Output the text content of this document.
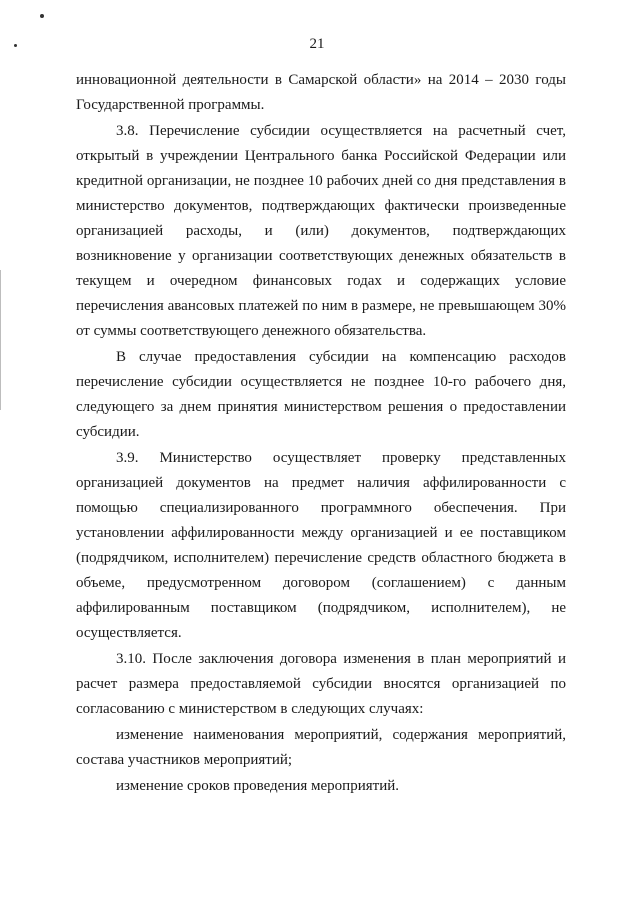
21

инновационной деятельности в Самарской области» на 2014 – 2030 годы Государственной программы.

3.8. Перечисление субсидии осуществляется на расчетный счет, открытый в учреждении Центрального банка Российской Федерации или кредитной организации, не позднее 10 рабочих дней со дня представления в министерство документов, подтверждающих фактически произведенные организацией расходы, и (или) документов, подтверждающих возникновение у организации соответствующих денежных обязательств в текущем и очередном финансовых годах и содержащих условие перечисления авансовых платежей по ним в размере, не превышающем 30% от суммы соответствующего денежного обязательства.

В случае предоставления субсидии на компенсацию расходов перечисление субсидии осуществляется не позднее 10-го рабочего дня, следующего за днем принятия министерством решения о предоставлении субсидии.

3.9. Министерство осуществляет проверку представленных организацией документов на предмет наличия аффилированности с помощью специализированного программного обеспечения. При установлении аффилированности между организацией и ее поставщиком (подрядчиком, исполнителем) перечисление средств областного бюджета в объеме, предусмотренном договором (соглашением) с данным аффилированным поставщиком (подрядчиком, исполнителем), не осуществляется.

3.10. После заключения договора изменения в план мероприятий и расчет размера предоставляемой субсидии вносятся организацией по согласованию с министерством в следующих случаях:

изменение наименования мероприятий, содержания мероприятий, состава участников мероприятий;

изменение сроков проведения мероприятий.
